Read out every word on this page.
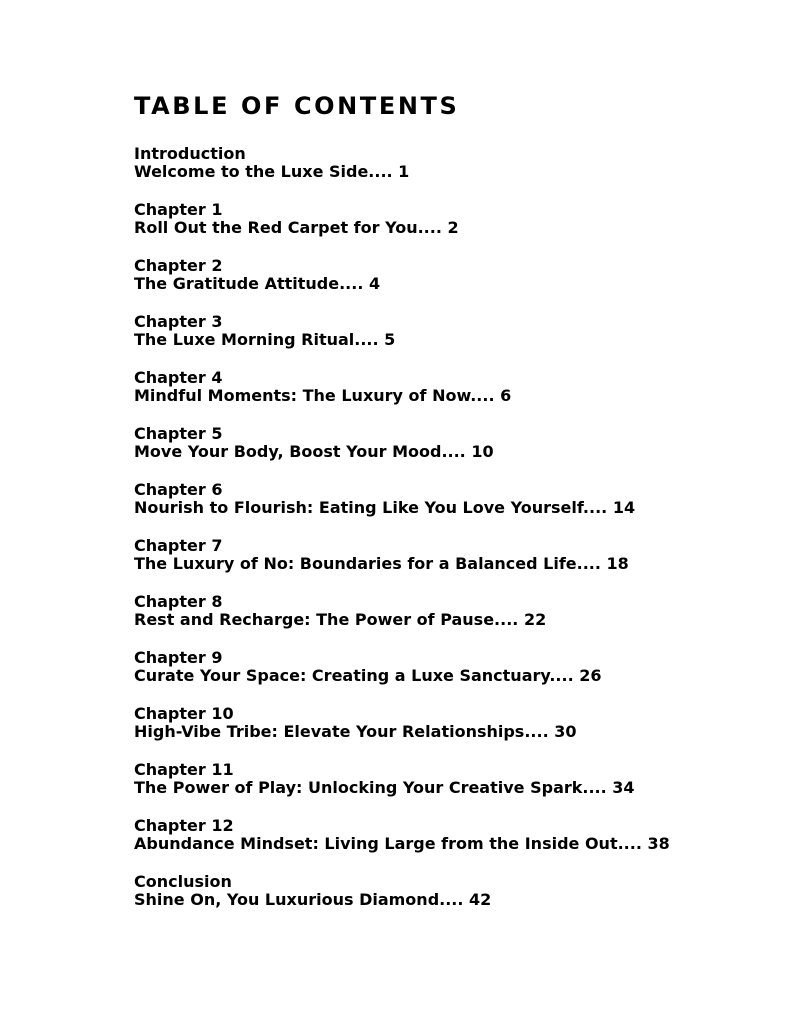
TABLE OF CONTENTS
Introduction
Welcome to the Luxe Side.... 1
Chapter 1
Roll Out the Red Carpet for You.... 2
Chapter 2
The Gratitude Attitude.... 4
Chapter 3
The Luxe Morning Ritual.... 5
Chapter 4
Mindful Moments: The Luxury of Now.... 6
Chapter 5
Move Your Body, Boost Your Mood.... 10
Chapter 6
Nourish to Flourish: Eating Like You Love Yourself.... 14
Chapter 7
The Luxury of No: Boundaries for a Balanced Life.... 18
Chapter 8
Rest and Recharge: The Power of Pause.... 22
Chapter 9
Curate Your Space: Creating a Luxe Sanctuary.... 26
Chapter 10
High-Vibe Tribe: Elevate Your Relationships.... 30
Chapter 11
The Power of Play: Unlocking Your Creative Spark.... 34
Chapter 12
Abundance Mindset: Living Large from the Inside Out.... 38
Conclusion
Shine On, You Luxurious Diamond.... 42
